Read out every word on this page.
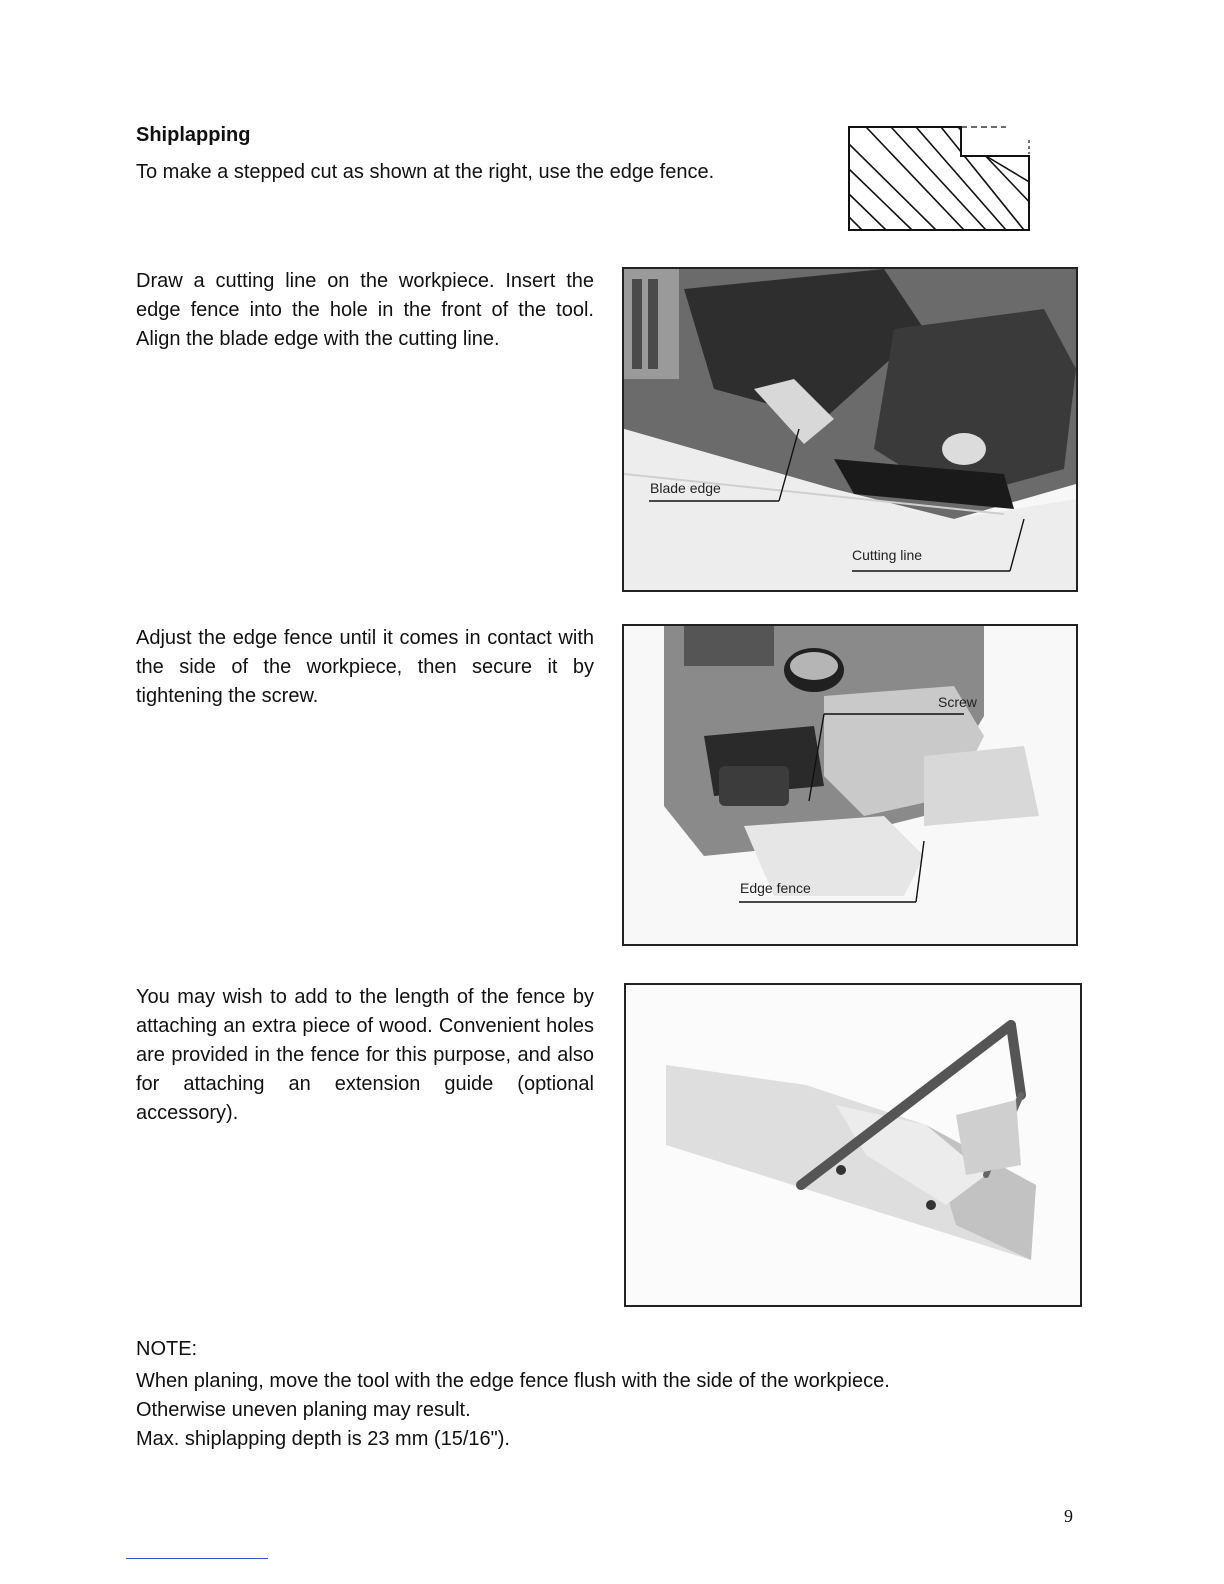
Shiplapping
To make a stepped cut as shown at the right, use the edge fence.
Draw a cutting line on the workpiece. Insert the edge fence into the hole in the front of the tool. Align the blade edge with the cutting line.
Blade edge
Cutting line
Adjust the edge fence until it comes in contact with the side of the workpiece, then secure it by tightening the screw.	Screw
Edge fence
You may wish to add to the length of the fence by attaching an extra piece of wood. Convenient holes are provided in the fence for this purpose, and also for attaching an extension guide (optional accessory).
NOTE:
When planing, move the tool with the edge fence flush with the side of the workpiece.
Otherwise uneven planing may result.
Max. shiplapping depth is 23 mm (15/16").
9
